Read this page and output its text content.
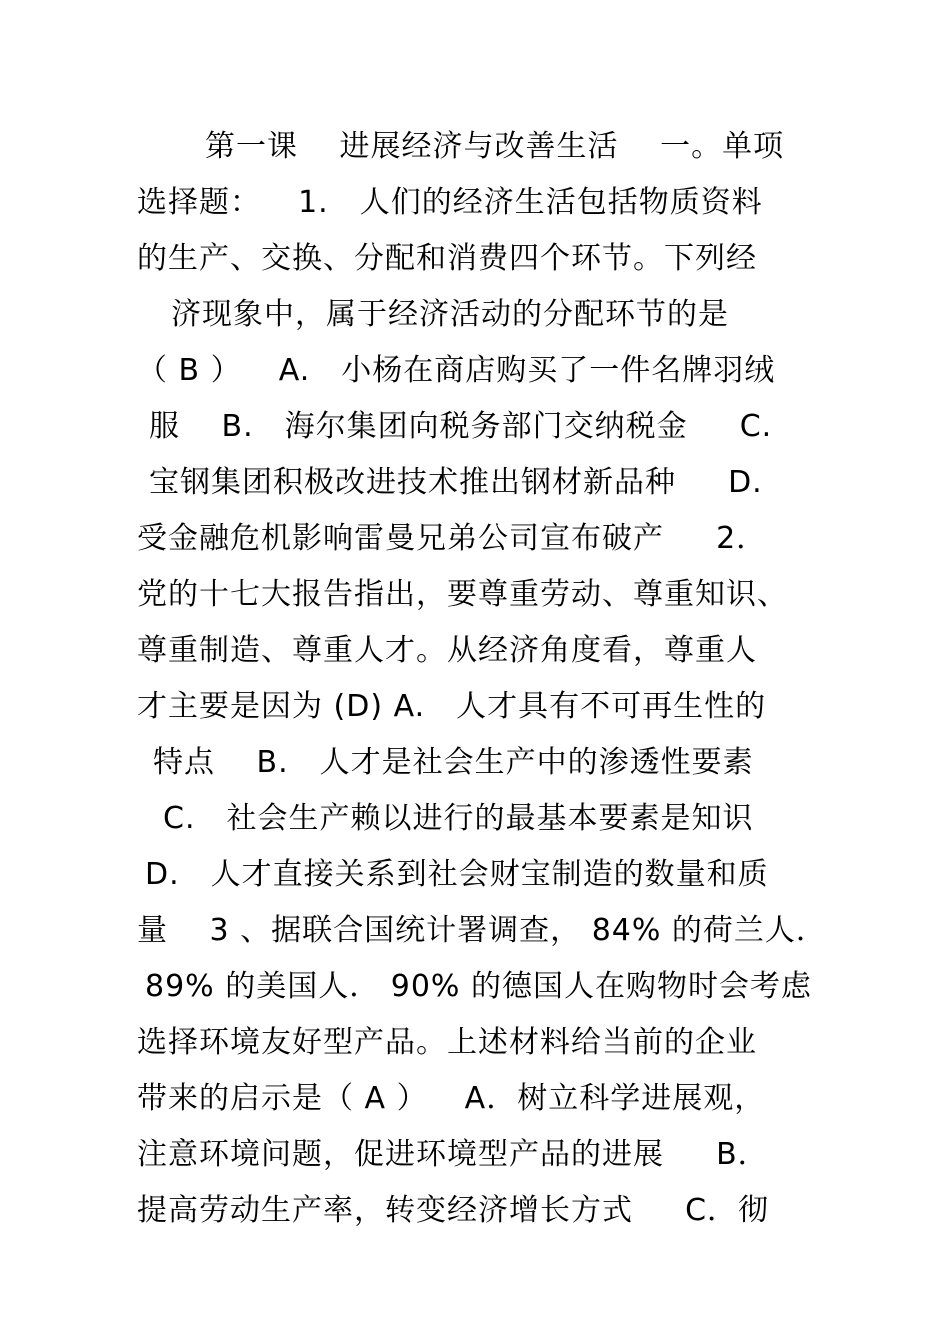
第一课　 进展经济与改善生活　 一。单项
选择题：　  1.　人们的经济生活包括物质资料
的生产、交换、分配和消费四个环节。下列经
济现象中，属于经济活动的分配环节的是
（ B ）　  A.　小杨在商店购买了一件名牌羽绒
服　 B.　海尔集团向税务部门交纳税金　  C.
宝钢集团积极改进技术推出钢材新品种　  D.
受金融危机影响雷曼兄弟公司宣布破产　  2．
党的十七大报告指出，要尊重劳动、尊重知识、
尊重制造、尊重人才。从经济角度看，尊重人
才主要是因为 (D) A.　人才具有不可再生性的
特点　 B.　人才是社会生产中的渗透性要素
C.　社会生产赖以进行的最基本要素是知识
D.　人才直接关系到社会财宝制造的数量和质
量　 3 、据联合国统计署调查， 84% 的荷兰人．
89% 的美国人． 90% 的德国人在购物时会考虑
选择环境友好型产品。上述材料给当前的企业
带来的启示是（ A ）　  A．树立科学进展观，
注意环境问题，促进环境型产品的进展　  B．
提高劳动生产率，转变经济增长方式　  C．彻
